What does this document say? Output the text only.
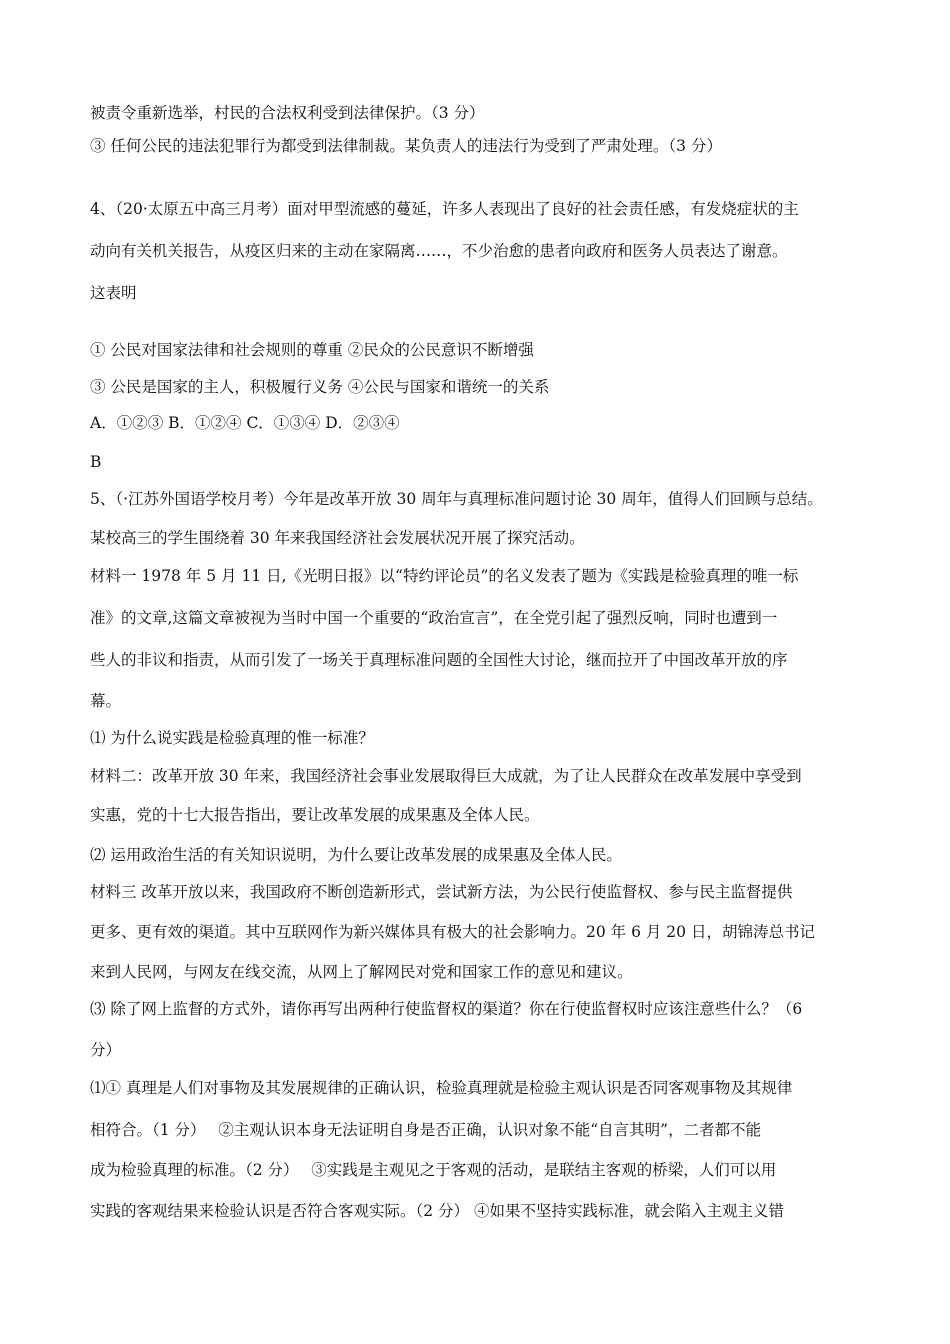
被责令重新选举，村民的合法权利受到法律保护。（3 分）
③ 任何公民的违法犯罪行为都受到法律制裁。某负责人的违法行为受到了严肃处理。（3 分）
4、（20·太原五中高三月考）面对甲型流感的蔓延，许多人表现出了良好的社会责任感，有发烧症状的主
动向有关机关报告，从疫区归来的主动在家隔离……，不少治愈的患者向政府和医务人员表达了谢意。
这表明
① 公民对国家法律和社会规则的尊重 ②民众的公民意识不断增强
③ 公民是国家的主人，积极履行义务 ④公民与国家和谐统一的关系
A．①②③ B．①②④ C．①③④ D．②③④
B
5、（·江苏外国语学校月考）今年是改革开放 30 周年与真理标准问题讨论 30 周年，值得人们回顾与总结。
某校高三的学生围绕着 30 年来我国经济社会发展状况开展了探究活动。
材料一 1978 年 5 月 11 日,《光明日报》以“特约评论员”的名义发表了题为《实践是检验真理的唯一标
准》的文章,这篇文章被视为当时中国一个重要的“政治宣言”，在全党引起了强烈反响，同时也遭到一
些人的非议和指责，从而引发了一场关于真理标准问题的全国性大讨论，继而拉开了中国改革开放的序
幕。
⑴ 为什么说实践是检验真理的惟一标准？
材料二：改革开放 30 年来，我国经济社会事业发展取得巨大成就，为了让人民群众在改革发展中享受到
实惠，党的十七大报告指出，要让改革发展的成果惠及全体人民。
⑵ 运用政治生活的有关知识说明，为什么要让改革发展的成果惠及全体人民。
材料三 改革开放以来，我国政府不断创造新形式，尝试新方法，为公民行使监督权、参与民主监督提供
更多、更有效的渠道。其中互联网作为新兴媒体具有极大的社会影响力。20 年 6 月 20 日，胡锦涛总书记
来到人民网，与网友在线交流，从网上了解网民对党和国家工作的意见和建议。
⑶ 除了网上监督的方式外，请你再写出两种行使监督权的渠道？你在行使监督权时应该注意些什么？（6
分）
⑴① 真理是人们对事物及其发展规律的正确认识，检验真理就是检验主观认识是否同客观事物及其规律
相符合。（1 分）　 ②主观认识本身无法证明自身是否正确，认识对象不能“自言其明”，二者都不能
成为检验真理的标准。（2 分）　 ③实践是主观见之于客观的活动，是联结主客观的桥梁，人们可以用
实践的客观结果来检验认识是否符合客观实际。（2 分） ④如果不坚持实践标准，就会陷入主观主义错
